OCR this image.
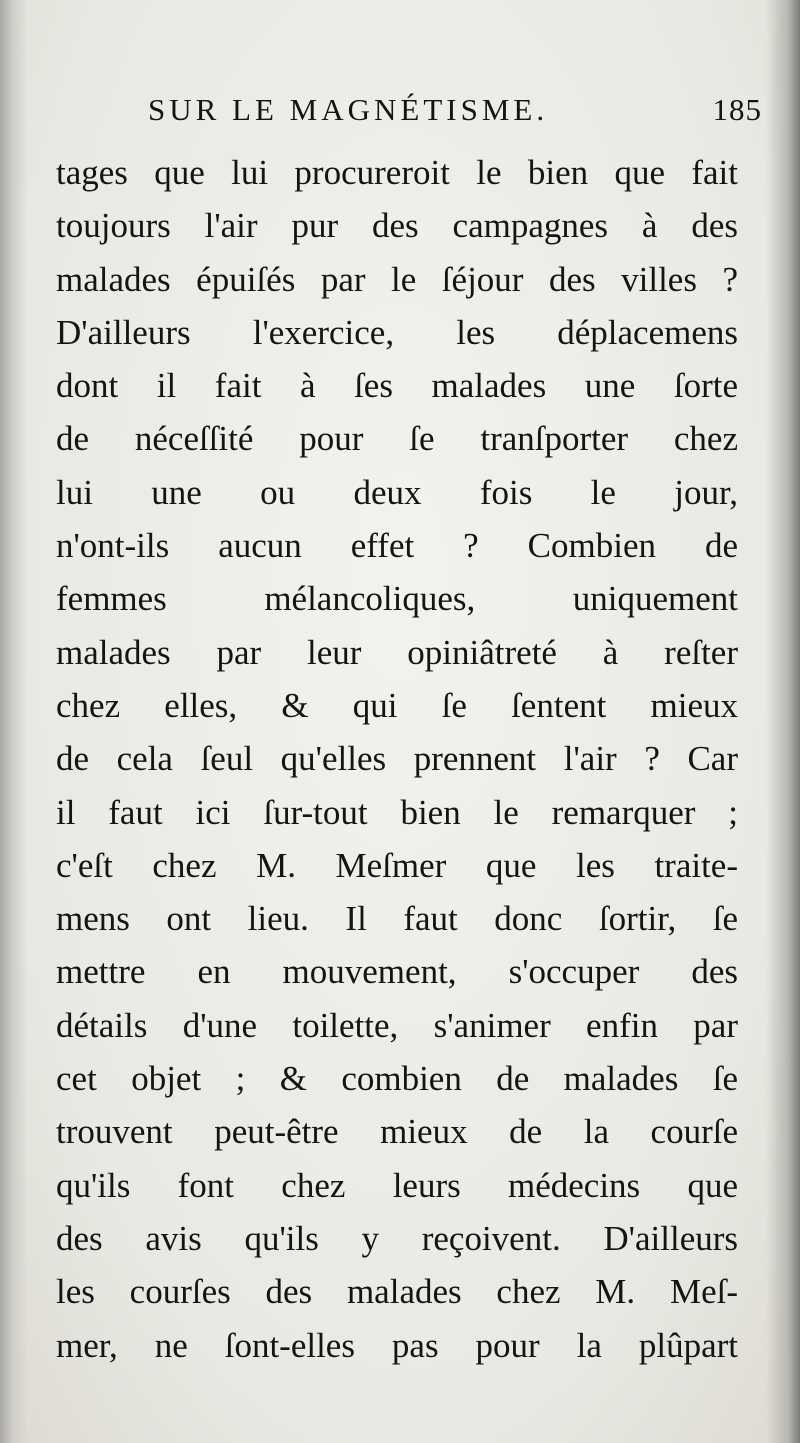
SUR LE MAGNÉTISME.	185
tages que lui procureroit le bien que fait
toujours l'air pur des campagnes à des
malades épuiſés par le ſéjour des villes ?
D'ailleurs l'exercice, les déplacemens
dont il fait à ſes malades une ſorte
de néceſſité pour ſe tranſporter chez
lui une ou deux fois le jour,
n'ont-ils aucun effet ? Combien de
femmes mélancoliques, uniquement
malades par leur opiniâtreté à reſter
chez elles, & qui ſe ſentent mieux
de cela ſeul qu'elles prennent l'air ? Car
il faut ici ſur-tout bien le remarquer ;
c'eſt chez M. Meſmer que les traite-
mens ont lieu. Il faut donc ſortir, ſe
mettre en mouvement, s'occuper des
détails d'une toilette, s'animer enfin par
cet objet ; & combien de malades ſe
trouvent peut-être mieux de la courſe
qu'ils font chez leurs médecins que
des avis qu'ils y reçoivent. D'ailleurs
les courſes des malades chez M. Meſ-
mer, ne ſont-elles pas pour la plûpart
